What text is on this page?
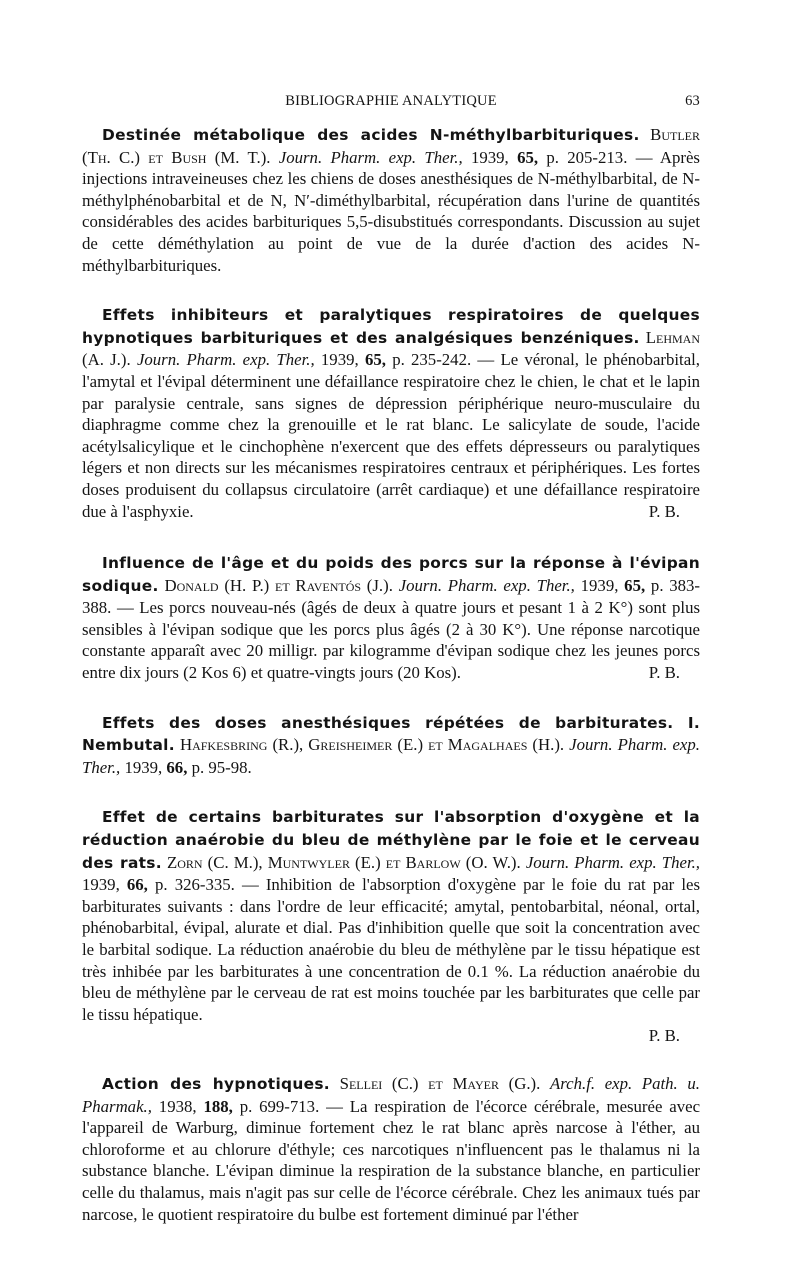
BIBLIOGRAPHIE ANALYTIQUE	63

Destinée métabolique des acides N-méthylbarbituriques. Butler (Th. C.) et Bush (M. T.). Journ. Pharm. exp. Ther., 1939, 65, p. 205-213. — Après injections intraveineuses chez les chiens de doses anesthésiques de N-méthylbarbital, de N-méthylphénobarbital et de N, N′-diméthylbarbital, récupération dans l'urine de quantités considérables des acides barbituriques 5,5-disubstitués correspondants. Discussion au sujet de cette déméthylation au point de vue de la durée d'action des acides N-méthylbarbituriques.

Effets inhibiteurs et paralytiques respiratoires de quelques hypnotiques barbituriques et des analgésiques benzéniques. Lehman (A. J.). Journ. Pharm. exp. Ther., 1939, 65, p. 235-242. — Le véronal, le phénobarbital, l'amytal et l'évipal déterminent une défaillance respiratoire chez le chien, le chat et le lapin par paralysie centrale, sans signes de dépression périphérique neuro-musculaire du diaphragme comme chez la grenouille et le rat blanc. Le salicylate de soude, l'acide acétylsalicylique et le cinchophène n'exercent que des effets dépresseurs ou paralytiques légers et non directs sur les mécanismes respiratoires centraux et périphériques. Les fortes doses produisent du collapsus circulatoire (arrêt cardiaque) et une défaillance respiratoire due à l'asphyxie.	P. B.

Influence de l'âge et du poids des porcs sur la réponse à l'évipan sodique. Donald (H. P.) et Raventós (J.). Journ. Pharm. exp. Ther., 1939, 65, p. 383-388. — Les porcs nouveau-nés (âgés de deux à quatre jours et pesant 1 à 2 K°) sont plus sensibles à l'évipan sodique que les porcs plus âgés (2 à 30 K°). Une réponse narcotique constante apparaît avec 20 milligr. par kilogramme d'évipan sodique chez les jeunes porcs entre dix jours (2 Kos 6) et quatre-vingts jours (20 Kos).	P. B.

Effets des doses anesthésiques répétées de barbiturates. I. Nembutal. Hafkesbring (R.), Greisheimer (E.) et Magalhaes (H.). Journ. Pharm. exp. Ther., 1939, 66, p. 95-98.

Effet de certains barbiturates sur l'absorption d'oxygène et la réduction anaérobie du bleu de méthylène par le foie et le cerveau des rats. Zorn (C. M.), Muntwyler (E.) et Barlow (O. W.). Journ. Pharm. exp. Ther., 1939, 66, p. 326-335. — Inhibition de l'absorption d'oxygène par le foie du rat par les barbiturates suivants : dans l'ordre de leur efficacité; amytal, pentobarbital, néonal, ortal, phénobarbital, évipal, alurate et dial. Pas d'inhibition quelle que soit la concentration avec le barbital sodique. La réduction anaérobie du bleu de méthylène par le tissu hépatique est très inhibée par les barbiturates à une concentration de 0.1 %. La réduction anaérobie du bleu de méthylène par le cerveau de rat est moins touchée par les barbiturates que celle par le tissu hépatique.
P. B.

Action des hypnotiques. Sellei (C.) et Mayer (G.). Arch.f. exp. Path. u. Pharmak., 1938, 188, p. 699-713. — La respiration de l'écorce cérébrale, mesurée avec l'appareil de Warburg, diminue fortement chez le rat blanc après narcose à l'éther, au chloroforme et au chlorure d'éthyle; ces narcotiques n'influencent pas le thalamus ni la substance blanche. L'évipan diminue la respiration de la substance blanche, en particulier celle du thalamus, mais n'agit pas sur celle de l'écorce cérébrale. Chez les animaux tués par narcose, le quotient respiratoire du bulbe est fortement diminué par l'éther
